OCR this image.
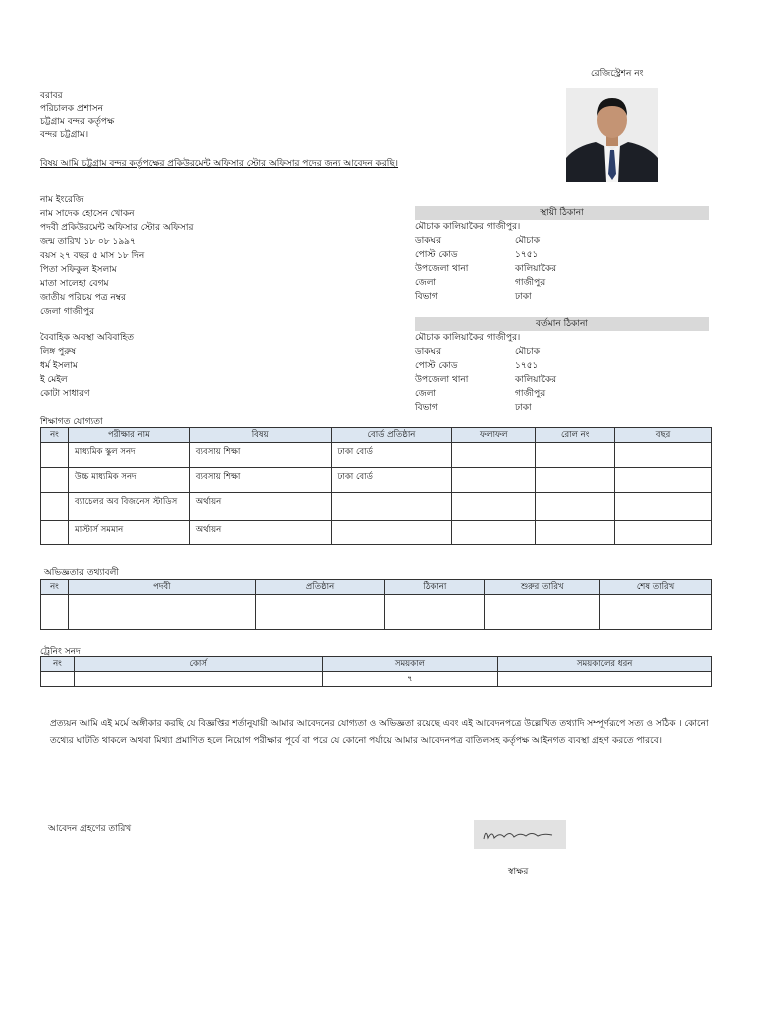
রেজিস্ট্রেশন নং
বরাবর
পরিচালক প্রশাসন
চট্টগ্রাম বন্দর কর্তৃপক্ষ
বন্দর চট্টগ্রাম।
বিষয় আমি চট্টগ্রাম বন্দর কর্তৃপক্ষের প্রকিউরমেন্ট অফিসার স্টোর অফিসার পদের জন্য আবেদন করছি।
নাম ইংরেজি
নাম সাদেক হোসেন খোকন
পদবী প্রকিউরমেন্ট অফিসার স্টোর অফিসার
জন্ম তারিখ ১৮ ০৮ ১৯৯৭
বয়স ২৭ বছর ৫ মাস ১৮ দিন
পিতা সফিকুল ইসলাম
মাতা সালেহা বেগম
জাতীয় পরিচয় পত্র নম্বর
জেলা গাজীপুর
বৈবাহিক অবস্থা অবিবাহিত
লিঙ্গ পুরুষ
ধর্ম ইসলাম
ই মেইল
কোটা সাধারণ
স্থায়ী ঠিকানা
মৌচাক কালিয়াকৈর গাজীপুর।
ডাকঘর	মৌচাক
পোস্ট কোড	১৭৫১
উপজেলা থানা	কালিয়াকৈর
জেলা	গাজীপুর
বিভাগ	ঢাকা
বর্তমান ঠিকানা
মৌচাক কালিয়াকৈর গাজীপুর।
ডাকঘর	মৌচাক
পোস্ট কোড	১৭৫১
উপজেলা থানা	কালিয়াকৈর
জেলা	গাজীপুর
বিভাগ	ঢাকা
শিক্ষাগত যোগ্যতা
নং	পরীক্ষার নাম	বিষয়	বোর্ড প্রতিষ্ঠান	ফলাফল	রোল নং	বছর
	মাধ্যমিক স্কুল সনদ	ব্যবসায় শিক্ষা	ঢাকা বোর্ড			
	উচ্চ মাধ্যমিক সনদ	ব্যবসায় শিক্ষা	ঢাকা বোর্ড			
	ব্যাচেলর অব বিজনেস স্টাডিস	অর্থায়ন				
	মাস্টার্স সমমান	অর্থায়ন				
অভিজ্ঞতার তথ্যাবলী
নং	পদবী	প্রতিষ্ঠান	ঠিকানা	শুরুর তারিখ	শেষ তারিখ

ট্রেনিং সনদ
নং	কোর্স	সময়কাল	সময়কালের ধরন
		৭	
প্রত্যয়ন আমি এই মর্মে অঙ্গীকার করছি যে বিজ্ঞপ্তির শর্তানুযায়ী আমার আবেদনের যোগ্যতা ও অভিজ্ঞতা রয়েছে এবং এই আবেদনপত্রে উল্লেখিত তথ্যাদি সম্পূর্ণরূপে সত্য ও সঠিক । কোনো তথ্যের ঘাটতি থাকলে অথবা মিথ্যা প্রমাণিত হলে নিয়োগ পরীক্ষার পূর্বে বা পরে যে কোনো পর্যায়ে আমার আবেদনপত্র বাতিলসহ কর্তৃপক্ষ আইনগত ব্যবস্থা গ্রহণ করতে পারবে।
আবেদন গ্রহণের তারিখ
স্বাক্ষর
